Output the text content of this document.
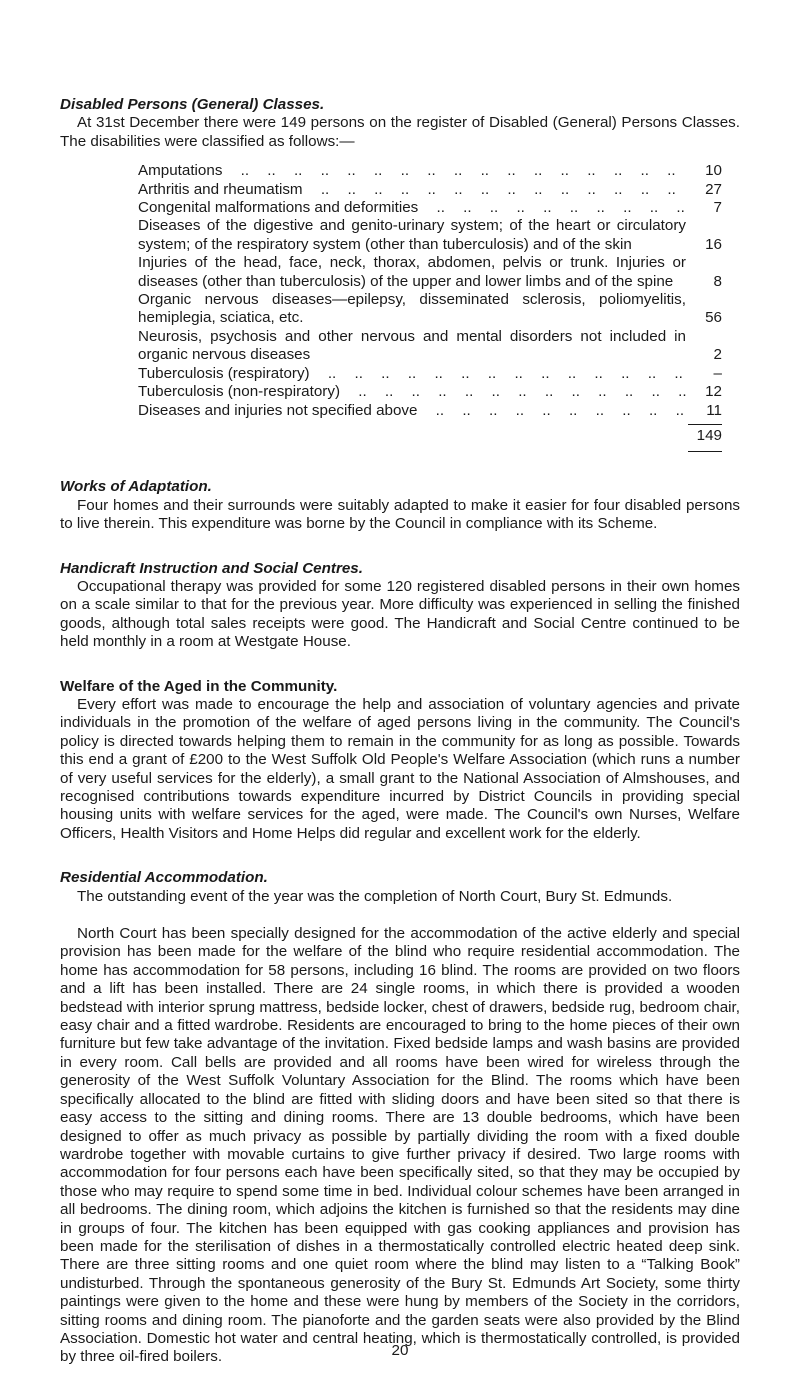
Disabled Persons (General) Classes.

At 31st December there were 149 persons on the register of Disabled (General) Persons Classes. The disabilities were classified as follows:—

Amputations .. ..	10
Arthritis and rheumatism .. ..	27
Congenital malformations and deformities .. ..	7
Diseases of the digestive and genito-urinary system; of the heart or circulatory system; of the respiratory system (other than tuberculosis) and of the skin	16
Injuries of the head, face, neck, thorax, abdomen, pelvis or trunk. Injuries or diseases (other than tuberculosis) of the upper and lower limbs and of the spine	8
Organic nervous diseases—epilepsy, disseminated sclerosis, poliomyelitis, hemiplegia, sciatica, etc.	56
Neurosis, psychosis and other nervous and mental disorders not included in organic nervous diseases	2
Tuberculosis (respiratory) .. ..	–
Tuberculosis (non-respiratory) .. ..	12
Diseases and injuries not specified above .. ..	11
149
Works of Adaptation.

Four homes and their surrounds were suitably adapted to make it easier for four disabled persons to live therein. This expenditure was borne by the Council in compliance with its Scheme.

Handicraft Instruction and Social Centres.

Occupational therapy was provided for some 120 registered disabled persons in their own homes on a scale similar to that for the previous year. More difficulty was experienced in selling the finished goods, although total sales receipts were good. The Handicraft and Social Centre continued to be held monthly in a room at Westgate House.

Welfare of the Aged in the Community.

Every effort was made to encourage the help and association of voluntary agencies and private individuals in the promotion of the welfare of aged persons living in the community. The Council's policy is directed towards helping them to remain in the community for as long as possible. Towards this end a grant of £200 to the West Suffolk Old People's Welfare Association (which runs a number of very useful services for the elderly), a small grant to the National Association of Almshouses, and recognised contributions towards expenditure incurred by District Councils in providing special housing units with welfare services for the aged, were made. The Council's own Nurses, Welfare Officers, Health Visitors and Home Helps did regular and excellent work for the elderly.

Residential Accommodation.

The outstanding event of the year was the completion of North Court, Bury St. Edmunds.

North Court has been specially designed for the accommodation of the active elderly and special provision has been made for the welfare of the blind who require residential accommodation. The home has accommodation for 58 persons, including 16 blind. The rooms are provided on two floors and a lift has been installed. There are 24 single rooms, in which there is provided a wooden bedstead with interior sprung mattress, bedside locker, chest of drawers, bedside rug, bedroom chair, easy chair and a fitted wardrobe. Residents are encouraged to bring to the home pieces of their own furniture but few take advantage of the invitation. Fixed bedside lamps and wash basins are provided in every room. Call bells are provided and all rooms have been wired for wireless through the generosity of the West Suffolk Voluntary Association for the Blind. The rooms which have been specifically allocated to the blind are fitted with sliding doors and have been sited so that there is easy access to the sitting and dining rooms. There are 13 double bedrooms, which have been designed to offer as much privacy as possible by partially dividing the room with a fixed double wardrobe together with movable curtains to give further privacy if desired. Two large rooms with accommodation for four persons each have been specifically sited, so that they may be occupied by those who may require to spend some time in bed. Individual colour schemes have been arranged in all bedrooms. The dining room, which adjoins the kitchen is furnished so that the residents may dine in groups of four. The kitchen has been equipped with gas cooking appliances and provision has been made for the sterilisation of dishes in a thermostatically controlled electric heated deep sink. There are three sitting rooms and one quiet room where the blind may listen to a “Talking Book” undisturbed. Through the spontaneous generosity of the Bury St. Edmunds Art Society, some thirty paintings were given to the home and these were hung by members of the Society in the corridors, sitting rooms and dining room. The pianoforte and the garden seats were also provided by the Blind Association. Domestic hot water and central heating, which is thermostatically controlled, is provided by three oil-fired boilers.	20
